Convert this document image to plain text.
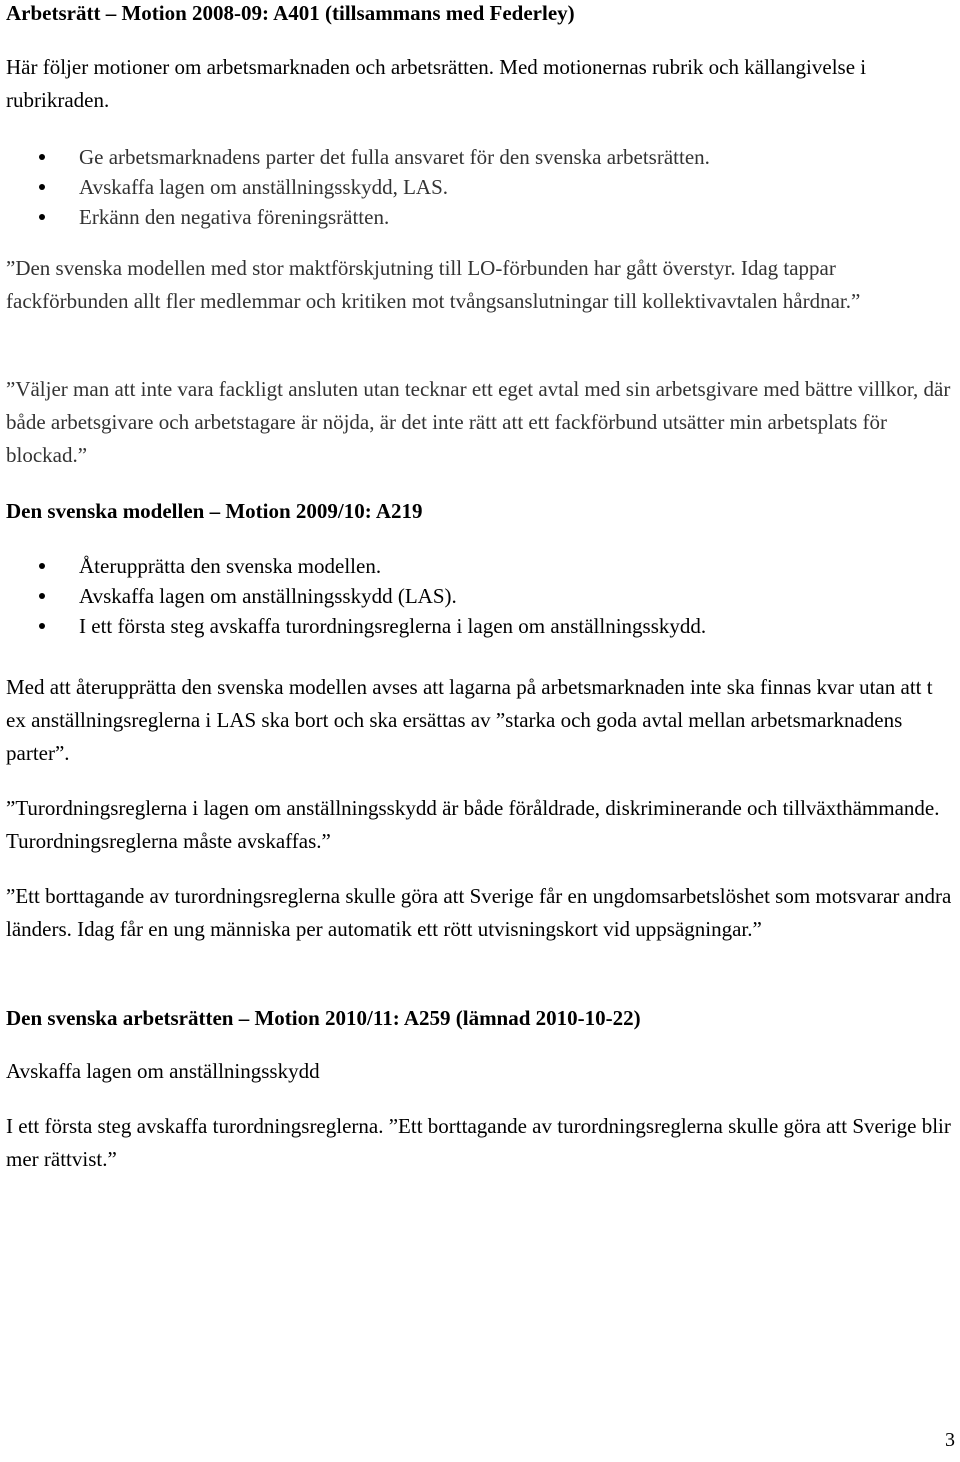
Arbetsrätt – Motion 2008-09: A401 (tillsammans med Federley)

Här följer motioner om arbetsmarknaden och arbetsrätten. Med motionernas rubrik och källangivelse i rubrikraden.

Ge arbetsmarknadens parter det fulla ansvaret för den svenska arbetsrätten.
Avskaffa lagen om anställningsskydd, LAS.
Erkänn den negativa föreningsrätten.

”Den svenska modellen med stor maktförskjutning till LO-förbunden har gått överstyr. Idag tappar fackförbunden allt fler medlemmar och kritiken mot tvångsanslutningar till kollektivavtalen hårdnar.”

”Väljer man att inte vara fackligt ansluten utan tecknar ett eget avtal med sin arbetsgivare med bättre villkor, där både arbetsgivare och arbetstagare är nöjda, är det inte rätt att ett fackförbund utsätter min arbetsplats för blockad.”

Den svenska modellen – Motion 2009/10: A219
Återupprätta den svenska modellen.
Avskaffa lagen om anställningsskydd (LAS).
I ett första steg avskaffa turordningsreglerna i lagen om anställningsskydd.

Med att återupprätta den svenska modellen avses att lagarna på arbetsmarknaden inte ska finnas kvar utan att t ex anställningsreglerna i LAS ska bort och ska ersättas av ”starka och goda avtal mellan arbetsmarknadens parter”.

”Turordningsreglerna i lagen om anställningsskydd är både föråldrade, diskriminerande och tillväxthämmande. Turordningsreglerna måste avskaffas.”

”Ett borttagande av turordningsreglerna skulle göra att Sverige får en ungdomsarbetslöshet som motsvarar andra länders. Idag får en ung människa per automatik ett rött utvisningskort vid uppsägningar.”

Den svenska arbetsrätten – Motion 2010/11: A259 (lämnad 2010-10-22)

Avskaffa lagen om anställningsskydd

I ett första steg avskaffa turordningsreglerna. ”Ett borttagande av turordningsreglerna skulle göra att Sverige blir mer rättvist.”

3
